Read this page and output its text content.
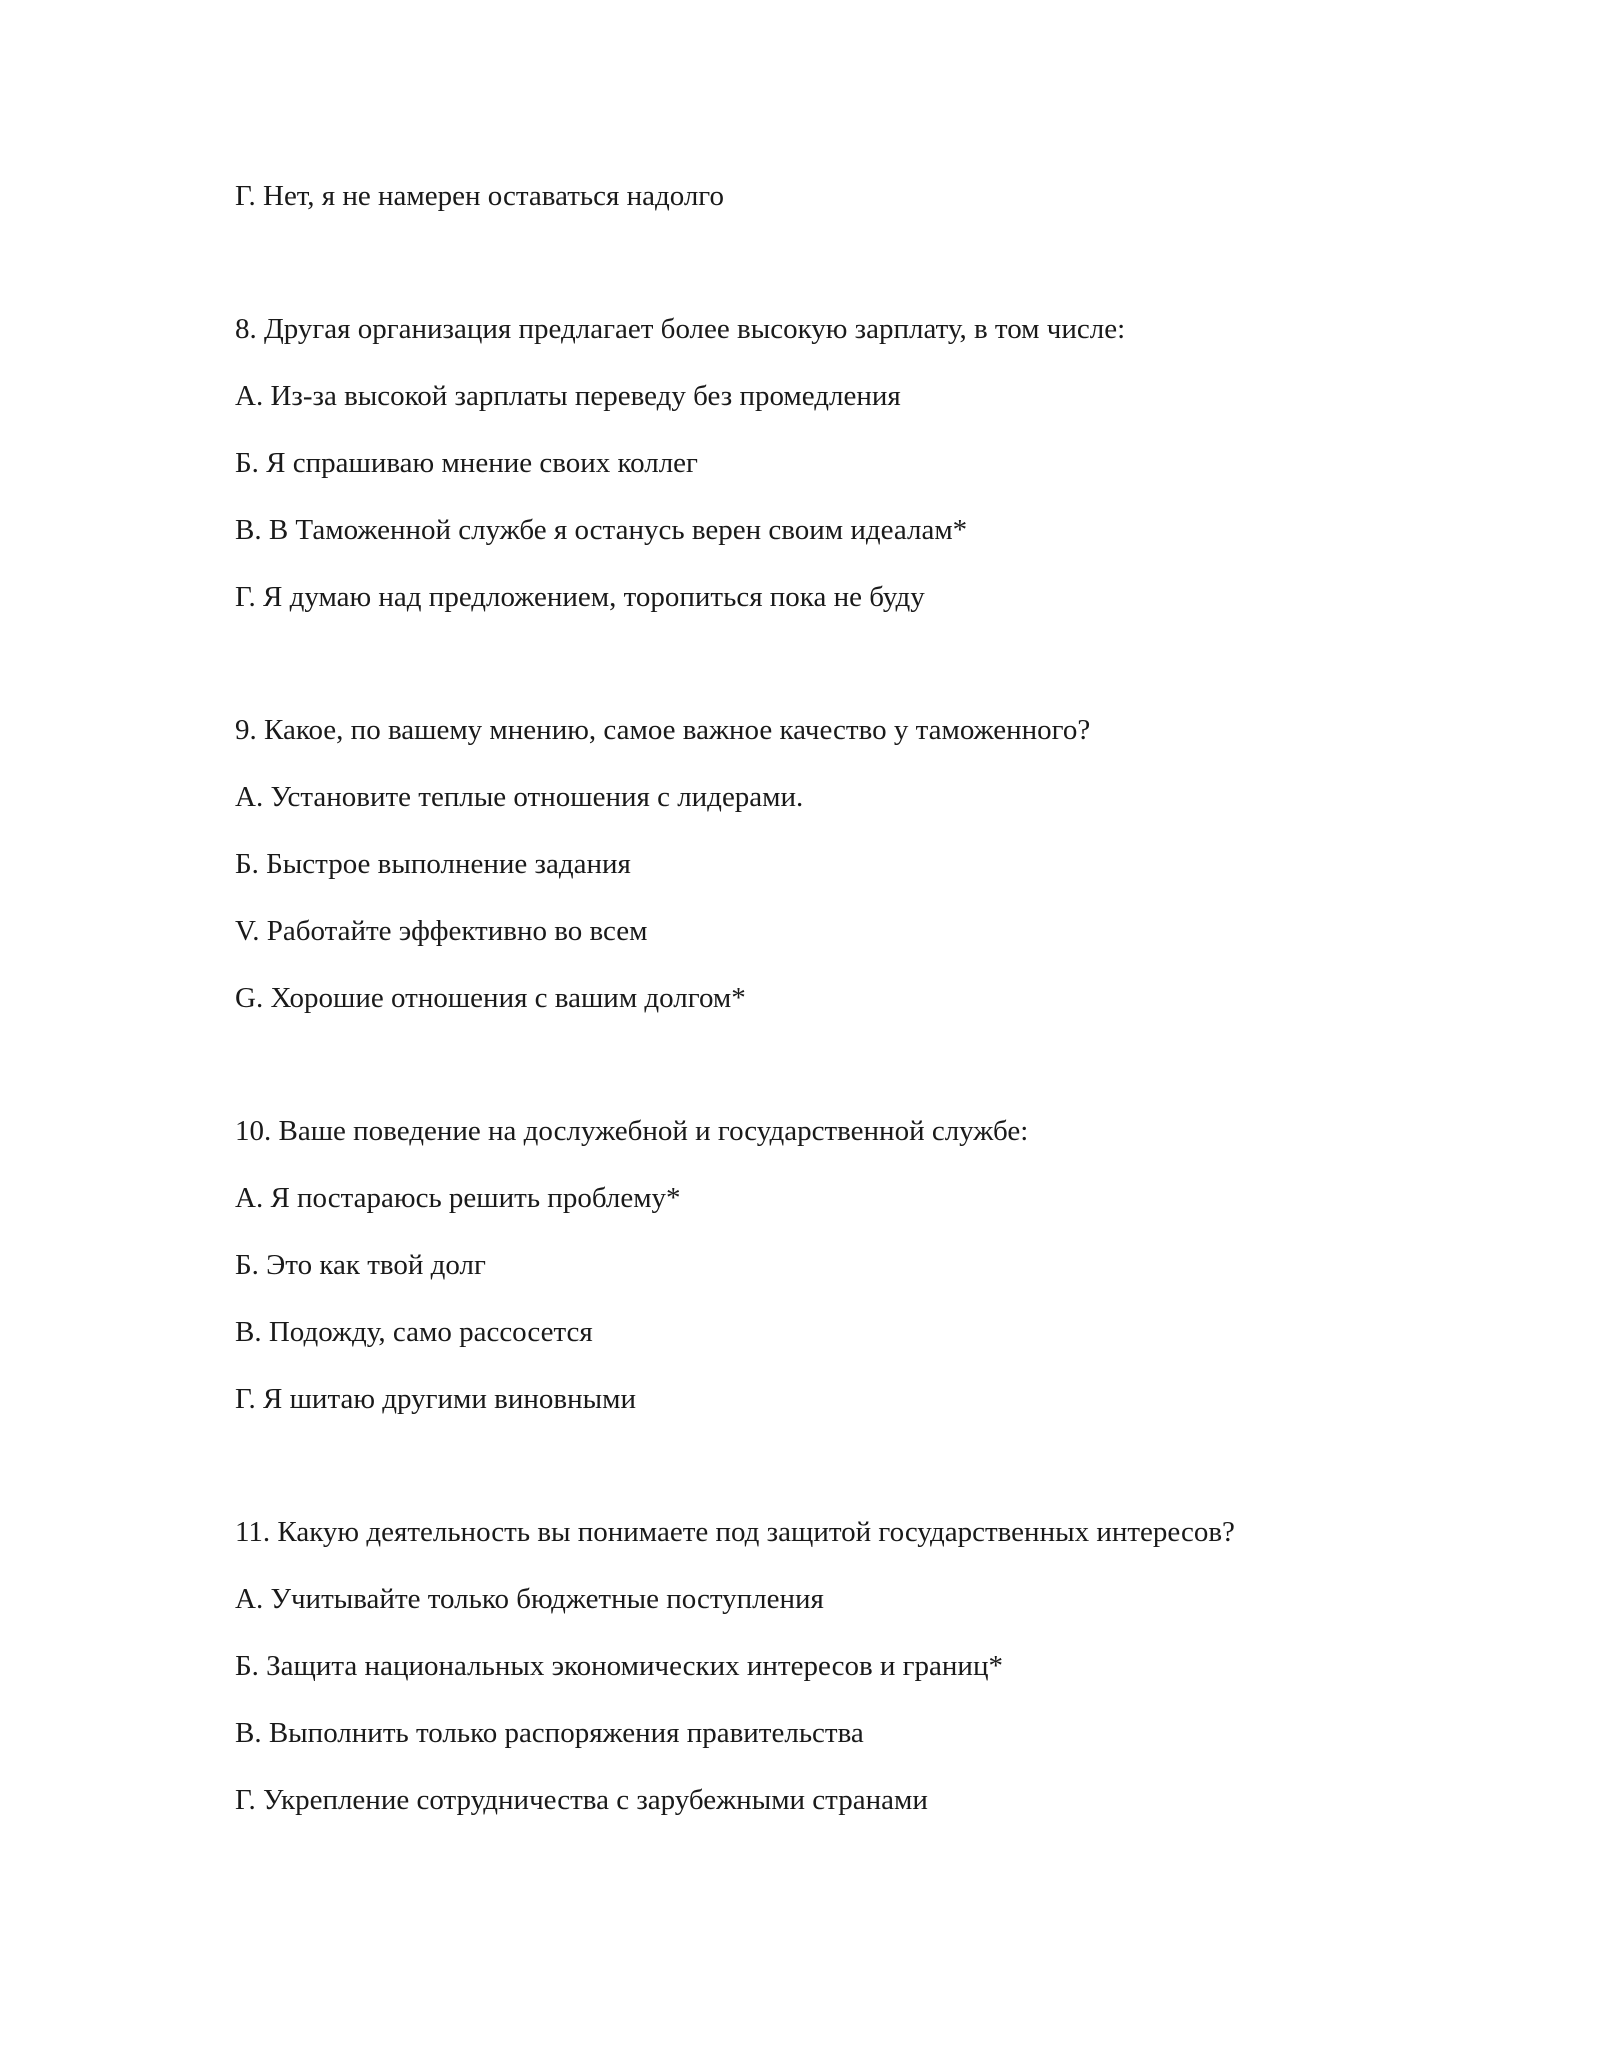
Г. Нет, я не намерен оставаться надолго
8. Другая организация предлагает более высокую зарплату, в том числе:
А. Из-за высокой зарплаты переведу без промедления
Б. Я спрашиваю мнение своих коллег
В. В Таможенной службе я останусь верен своим идеалам*
Г. Я думаю над предложением, торопиться пока не буду
9. Какое, по вашему мнению, самое важное качество у таможенного?
А. Установите теплые отношения с лидерами.
Б. Быстрое выполнение задания
V. Работайте эффективно во всем
G. Хорошие отношения с вашим долгом*
10. Ваше поведение на дослужебной и государственной службе:
А. Я постараюсь решить проблему*
Б. Это как твой долг
В. Подожду, само рассосется
Г. Я шитаю другими виновными
11. Какую деятельность вы понимаете под защитой государственных интересов?
А. Учитывайте только бюджетные поступления
Б. Защита национальных экономических интересов и границ*
В. Выполнить только распоряжения правительства
Г. Укрепление сотрудничества с зарубежными странами
